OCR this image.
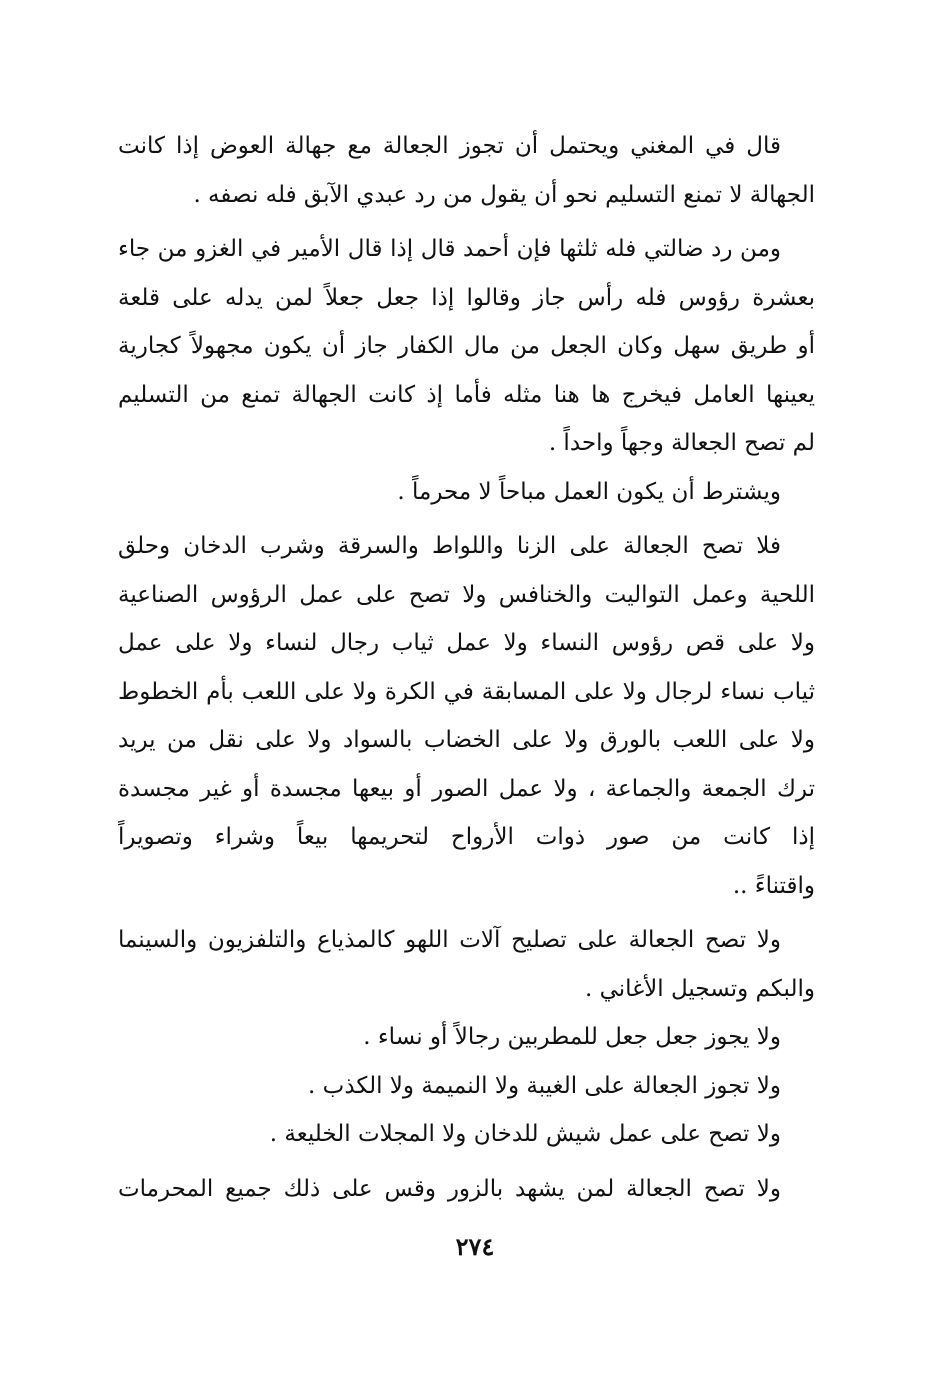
قال في المغني ويحتمل أن تجوز الجعالة مع جهالة العوض إذا كانت
الجهالة لا تمنع التسليم نحو أن يقول من رد عبدي الآبق فله نصفه .
ومن رد ضالتي فله ثلثها فإن أحمد قال إذا قال الأمير في الغزو من جاء
بعشرة رؤوس فله رأس جاز وقالوا إذا جعل جعلاً لمن يدله على قلعة
أو طريق سهل وكان الجعل من مال الكفار جاز أن يكون مجهولاً كجارية
يعينها العامل فيخرج ها هنا مثله فأما إذ كانت الجهالة تمنع من التسليم
لم تصح الجعالة وجهاً واحداً .
ويشترط أن يكون العمل مباحاً لا محرماً .
فلا تصح الجعالة على الزنا واللواط والسرقة وشرب الدخان وحلق
اللحية وعمل التواليت والخنافس ولا تصح على عمل الرؤوس الصناعية
ولا على قص رؤوس النساء ولا عمل ثياب رجال لنساء ولا على عمل
ثياب نساء لرجال ولا على المسابقة في الكرة ولا على اللعب بأم الخطوط
ولا على اللعب بالورق ولا على الخضاب بالسواد ولا على نقل من يريد
ترك الجمعة والجماعة ، ولا عمل الصور أو بيعها مجسدة أو غير مجسدة
إذا كانت من صور ذوات الأرواح لتحريمها بيعاً وشراء وتصويراً
واقتناءً ..
ولا تصح الجعالة على تصليح آلات اللهو كالمذياع والتلفزيون والسينما
والبكم وتسجيل الأغاني .
ولا يجوز جعل جعل للمطربين رجالاً أو نساء .
ولا تجوز الجعالة على الغيبة ولا النميمة ولا الكذب .
ولا تصح على عمل شيش للدخان ولا المجلات الخليعة .
ولا تصح الجعالة لمن يشهد بالزور وقس على ذلك جميع المحرمات
٢٧٤
